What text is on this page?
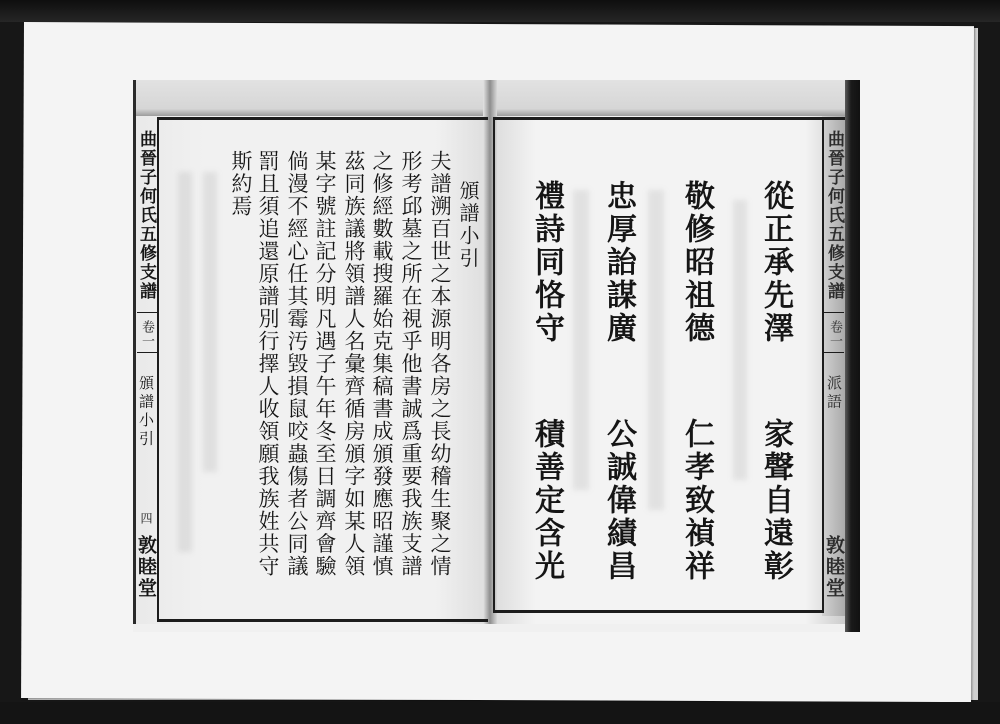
曲晉子何氏五修支譜
卷一
頒譜小引
四
敦睦堂
頒譜小引
夫譜溯百世之本源明各房之長幼稽生聚之情
形考邱墓之所在視乎他書誠爲重要我族支譜
之修經數載搜羅始克集稿書成頒發應昭謹慎
茲同族議將領譜人名彙齊循房頒字如某人領
某字號註記分明凡遇子午年冬至日調齊會驗
倘漫不經心任其霉汚毀損鼠咬蟲傷者公同議
罰且須追還原譜別行擇人收領願我族姓共守
斯約焉	曲晉子何氏五修支譜
卷一
派語
敦睦堂
從正承先澤
家聲自遠彰
敬修昭祖德
仁孝致禎祥
忠厚詒謀廣
公誠偉績昌
禮詩同恪守
積善定含光
